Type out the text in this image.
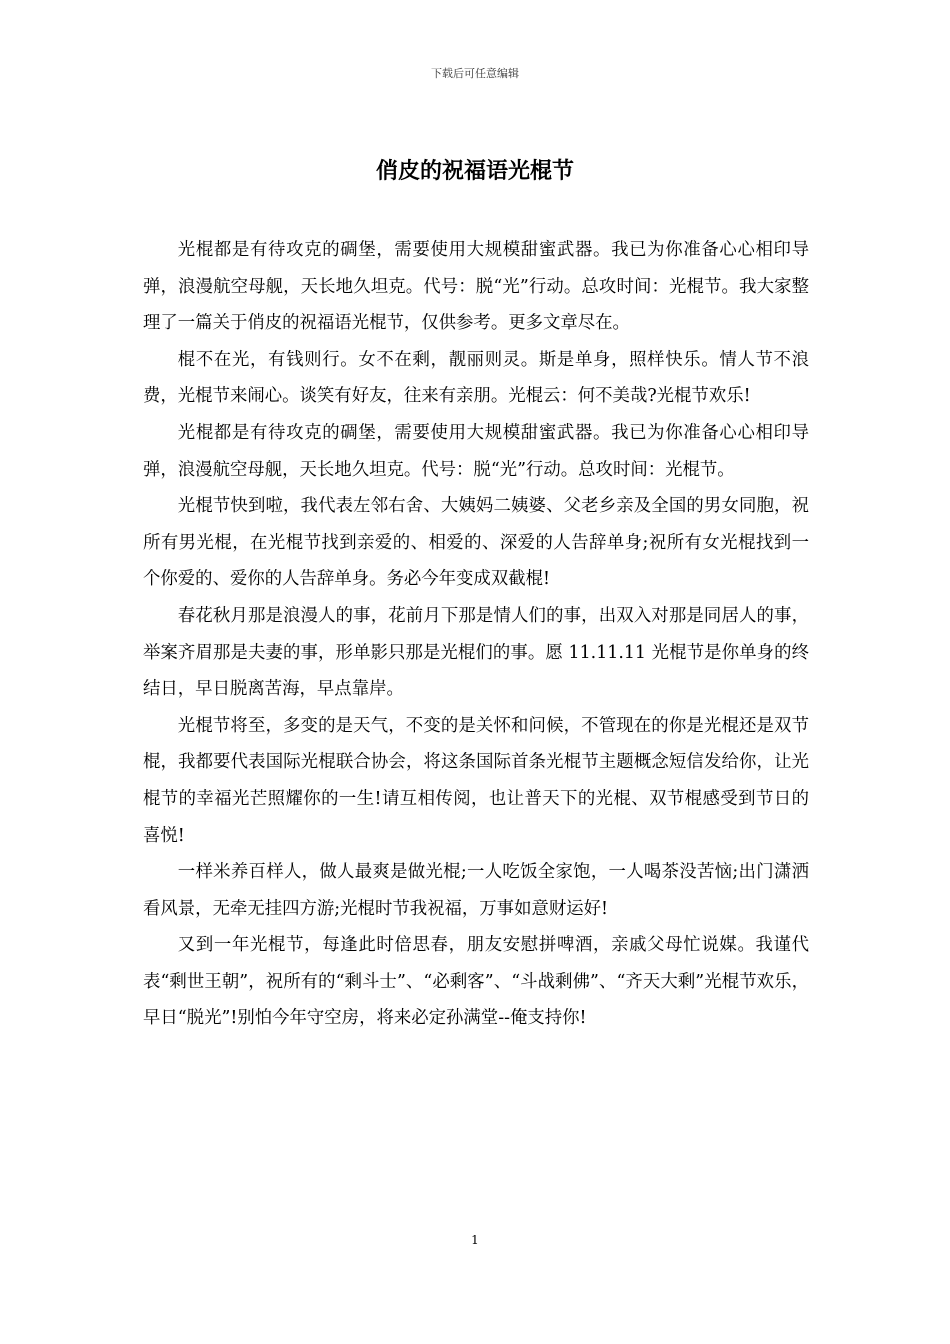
下载后可任意编辑
俏皮的祝福语光棍节

光棍都是有待攻克的碉堡，需要使用大规模甜蜜武器。我已为你准备心心相印导弹，浪漫航空母舰，天长地久坦克。代号：脱“光”行动。总攻时间：光棍节。我大家整理了一篇关于俏皮的祝福语光棍节，仅供参考。更多文章尽在。

棍不在光，有钱则行。女不在剩，靓丽则灵。斯是单身，照样快乐。情人节不浪费，光棍节来闹心。谈笑有好友，往来有亲朋。光棍云：何不美哉?光棍节欢乐!

光棍都是有待攻克的碉堡，需要使用大规模甜蜜武器。我已为你准备心心相印导弹，浪漫航空母舰，天长地久坦克。代号：脱“光”行动。总攻时间：光棍节。

光棍节快到啦，我代表左邻右舍、大姨妈二姨婆、父老乡亲及全国的男女同胞，祝所有男光棍，在光棍节找到亲爱的、相爱的、深爱的人告辞单身;祝所有女光棍找到一个你爱的、爱你的人告辞单身。务必今年变成双截棍!

春花秋月那是浪漫人的事，花前月下那是情人们的事，出双入对那是同居人的事，举案齐眉那是夫妻的事，形单影只那是光棍们的事。愿 11.11.11 光棍节是你单身的终结日，早日脱离苦海，早点靠岸。

光棍节将至，多变的是天气，不变的是关怀和问候，不管现在的你是光棍还是双节棍，我都要代表国际光棍联合协会，将这条国际首条光棍节主题概念短信发给你，让光棍节的幸福光芒照耀你的一生!请互相传阅，也让普天下的光棍、双节棍感受到节日的喜悦!

一样米养百样人，做人最爽是做光棍;一人吃饭全家饱，一人喝茶没苦恼;出门潇洒看风景，无牵无挂四方游;光棍时节我祝福，万事如意财运好!

又到一年光棍节，每逢此时倍思春，朋友安慰拼啤酒，亲戚父母忙说媒。我谨代表“剩世王朝”，祝所有的“剩斗士”、“必剩客”、“斗战剩佛”、“齐天大剩”光棍节欢乐，早日“脱光”!别怕今年守空房，将来必定孙满堂--俺支持你!

1
